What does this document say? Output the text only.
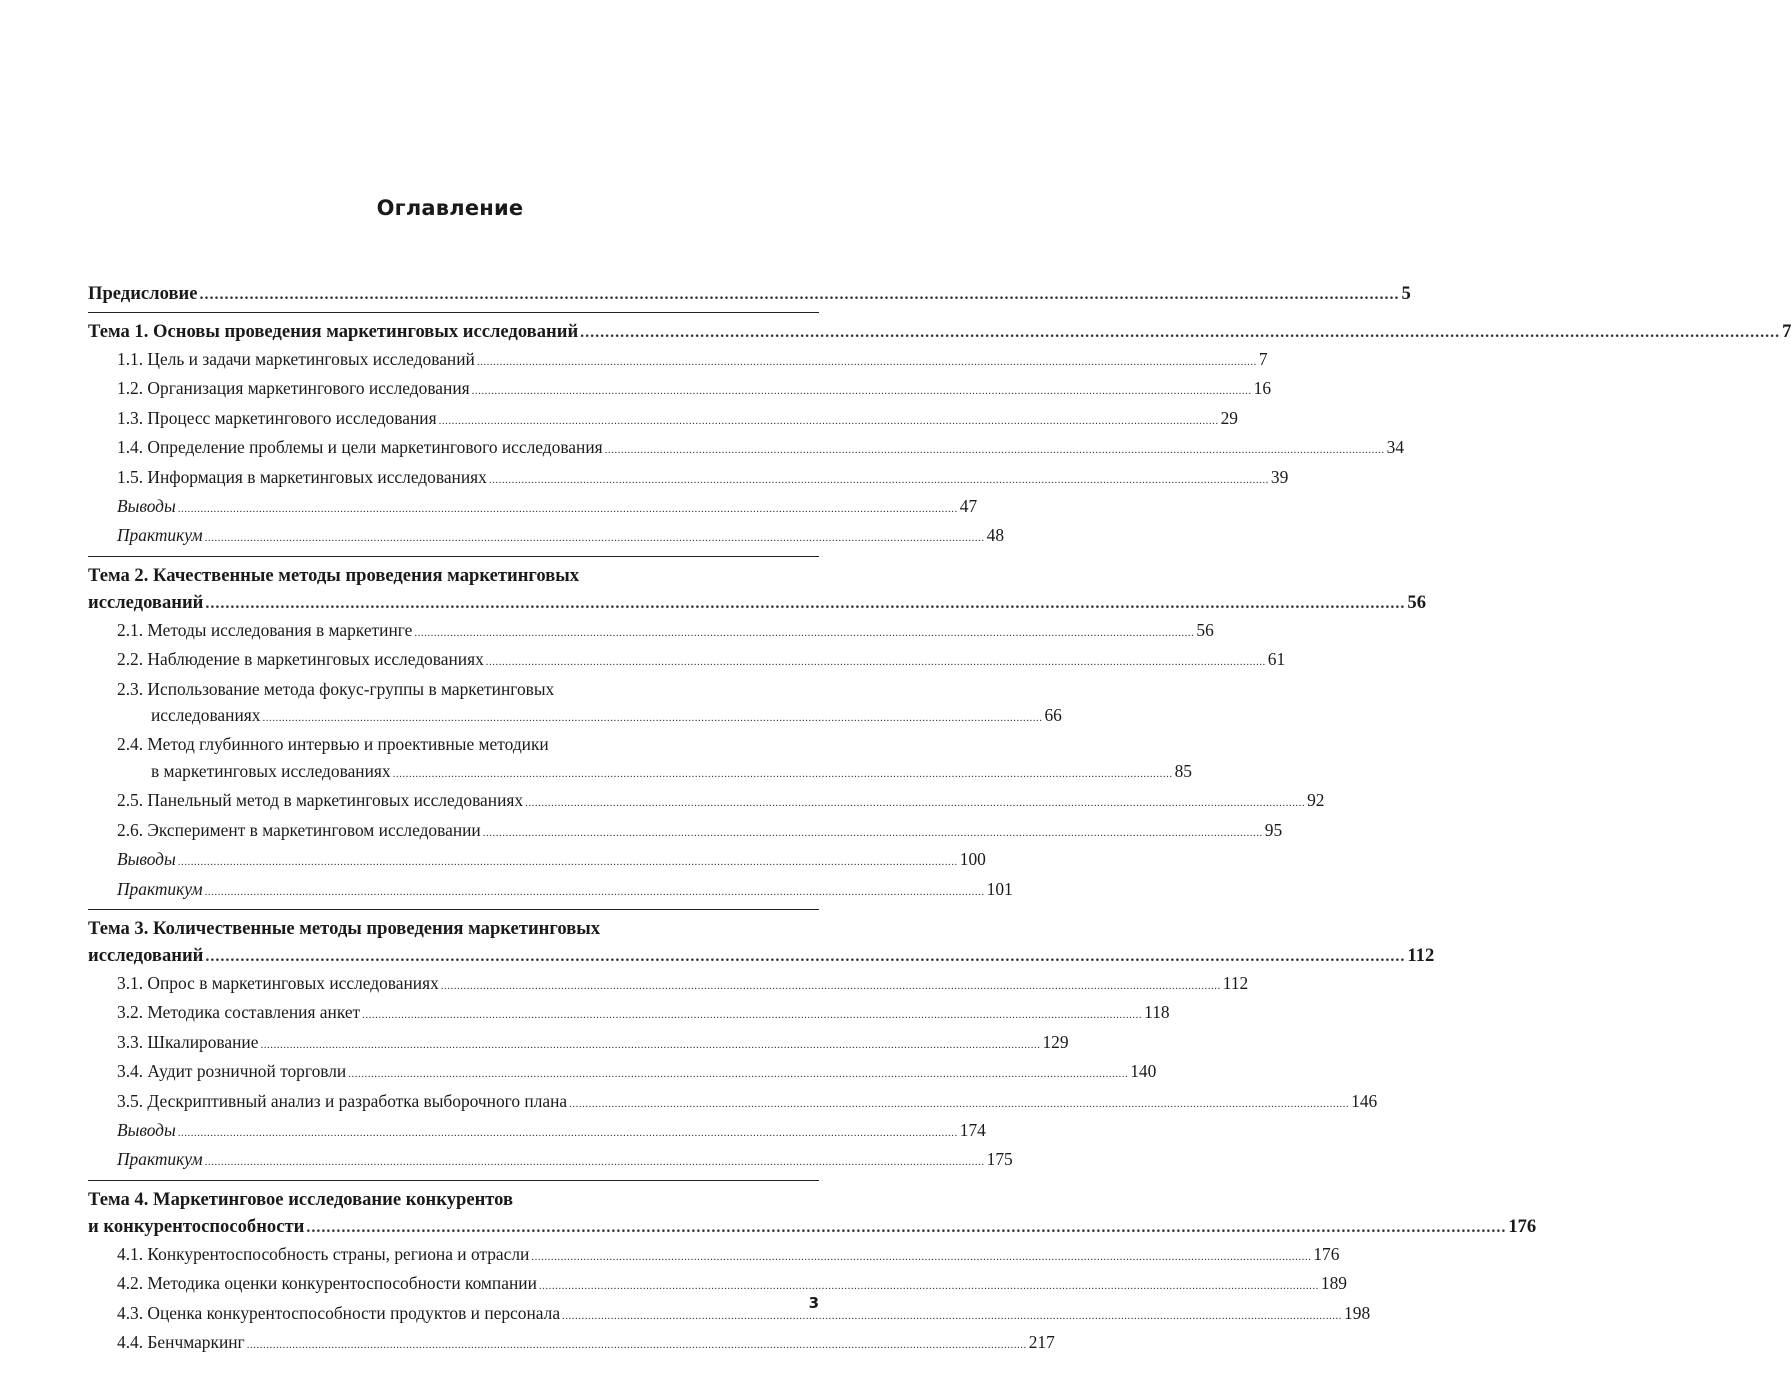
Оглавление
Предисловие ................................................................................................................................................................................................................................................ 5
Тема 1. Основы проведения маркетинговых исследований ................................................................................................................................................................................................................................................ 7
1.1. Цель и задачи маркетинговых исследований ................................................................................................................................................................................................................................................ 7
1.2. Организация маркетингового исследования ................................................................................................................................................................................................................................................ 16
1.3. Процесс маркетингового исследования ................................................................................................................................................................................................................................................ 29
1.4. Определение проблемы и цели маркетингового исследования ................................................................................................................................................................................................................................................ 34
1.5. Информация в маркетинговых исследованиях ................................................................................................................................................................................................................................................ 39
Выводы ................................................................................................................................................................................................................................................ 47
Практикум ................................................................................................................................................................................................................................................ 48
Тема 2. Качественные методы проведения маркетинговых
исследований ................................................................................................................................................................................................................................................ 56
2.1. Методы исследования в маркетинге ................................................................................................................................................................................................................................................ 56
2.2. Наблюдение в маркетинговых исследованиях ................................................................................................................................................................................................................................................ 61
2.3. Использование метода фокус-группы в маркетинговых
исследованиях ................................................................................................................................................................................................................................................ 66
2.4. Метод глубинного интервью и проективные методики
в маркетинговых исследованиях ................................................................................................................................................................................................................................................ 85
2.5. Панельный метод в маркетинговых исследованиях ................................................................................................................................................................................................................................................ 92
2.6. Эксперимент в маркетинговом исследовании ................................................................................................................................................................................................................................................ 95
Выводы ................................................................................................................................................................................................................................................ 100
Практикум ................................................................................................................................................................................................................................................ 101
Тема 3. Количественные методы проведения маркетинговых
исследований ................................................................................................................................................................................................................................................ 112
3.1. Опрос в маркетинговых исследованиях ................................................................................................................................................................................................................................................ 112
3.2. Методика составления анкет ................................................................................................................................................................................................................................................ 118
3.3. Шкалирование ................................................................................................................................................................................................................................................ 129
3.4. Аудит розничной торговли ................................................................................................................................................................................................................................................ 140
3.5. Дескриптивный анализ и разработка выборочного плана ................................................................................................................................................................................................................................................ 146
Выводы ................................................................................................................................................................................................................................................ 174
Практикум ................................................................................................................................................................................................................................................ 175
Тема 4. Маркетинговое исследование конкурентов
и конкурентоспособности ................................................................................................................................................................................................................................................ 176
4.1. Конкурентоспособность страны, региона и отрасли ................................................................................................................................................................................................................................................ 176
4.2. Методика оценки конкурентоспособности компании ................................................................................................................................................................................................................................................ 189
4.3. Оценка конкурентоспособности продуктов и персонала ................................................................................................................................................................................................................................................ 198
4.4. Бенчмаркинг ................................................................................................................................................................................................................................................ 217
3
